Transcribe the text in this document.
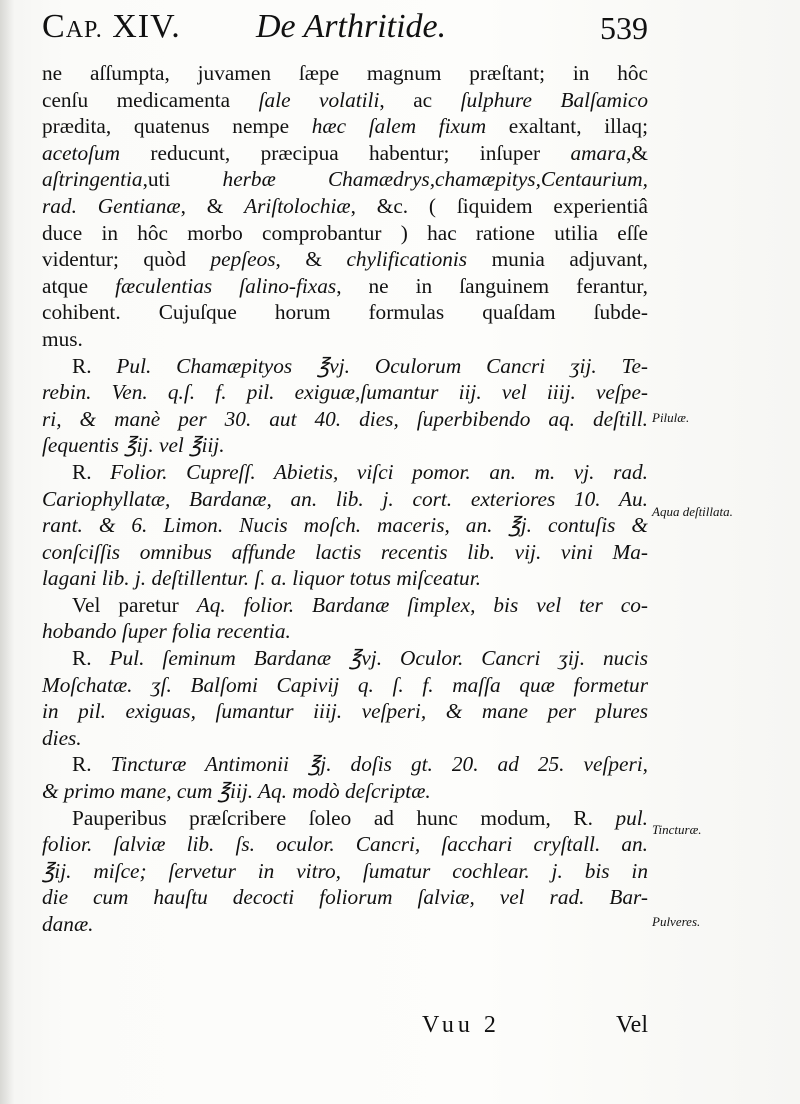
CAP. XIV. De Arthritide.	539
ne aſſumpta, juvamen ſæpe magnum præſtant; in hôc
cenſu medicamenta ſale volatili, ac ſulphure Balſamico
prædita, quatenus nempe hæc ſalem fixum exaltant, illaq;
acetoſum reducunt, præcipua habentur; inſuper amara,&
aſtringentia,uti herbæ Chamædrys,chamæpitys,Centaurium,
rad. Gentianæ, & Ariſtolochiæ, &c. ( ſiquidem experientiâ
duce in hôc morbo comprobantur ) hac ratione utilia eſſe
videntur; quòd pepſeos, & chylificationis munia adjuvant,
atque fæculentias ſalino-fixas, ne in ſanguinem ferantur,
cohibent. Cujuſque horum formulas quaſdam ſubde-
mus.
R. Pul. Chamæpityos ℥vj. Oculorum Cancri ʒij. Te-
rebin. Ven. q.ſ. f. pil. exiguæ,ſumantur iij. vel iiij. veſpe-
ri, & manè per 30. aut 40. dies, ſuperbibendo aq. deſtill.
ſequentis ℥ij. vel ℥iij.
R. Folior. Cupreſſ. Abietis, viſci pomor. an. m. vj. rad.
Cariophyllatæ, Bardanæ, an. lib. j. cort. exteriores 10. Au.
rant. & 6. Limon. Nucis moſch. maceris, an. ℥j. contuſis &
conſciſſis omnibus affunde lactis recentis lib. vij. vini Ma-
lagani lib. j. deſtillentur. ſ. a. liquor totus miſceatur.
Vel paretur Aq. folior. Bardanæ ſimplex, bis vel ter co-
hobando ſuper folia recentia.
R. Pul. ſeminum Bardanæ ℥vj. Oculor. Cancri ʒij. nucis
Moſchatæ. ʒſ. Balſomi Capivij q. ſ. f. maſſa quæ formetur
in pil. exiguas, ſumantur iiij. veſperi, & mane per plures
dies.
R. Tincturæ Antimonii ℥j. doſis gt. 20. ad 25. veſperi,
& primo mane, cum ℥iij. Aq. modò deſcriptæ.
Pauperibus præſcribere ſoleo ad hunc modum, R. pul.
folior. ſalviæ lib. ſs. oculor. Cancri, ſacchari cryſtall. an.
℥ij. miſce; ſervetur in vitro, ſumatur cochlear. j. bis in
die cum hauſtu decocti foliorum ſalviæ, vel rad. Bar-
danæ.
Pilulæ.
Aqua deſtillata.
Tincturæ.
Pulveres.
Vuu 2	Vel
